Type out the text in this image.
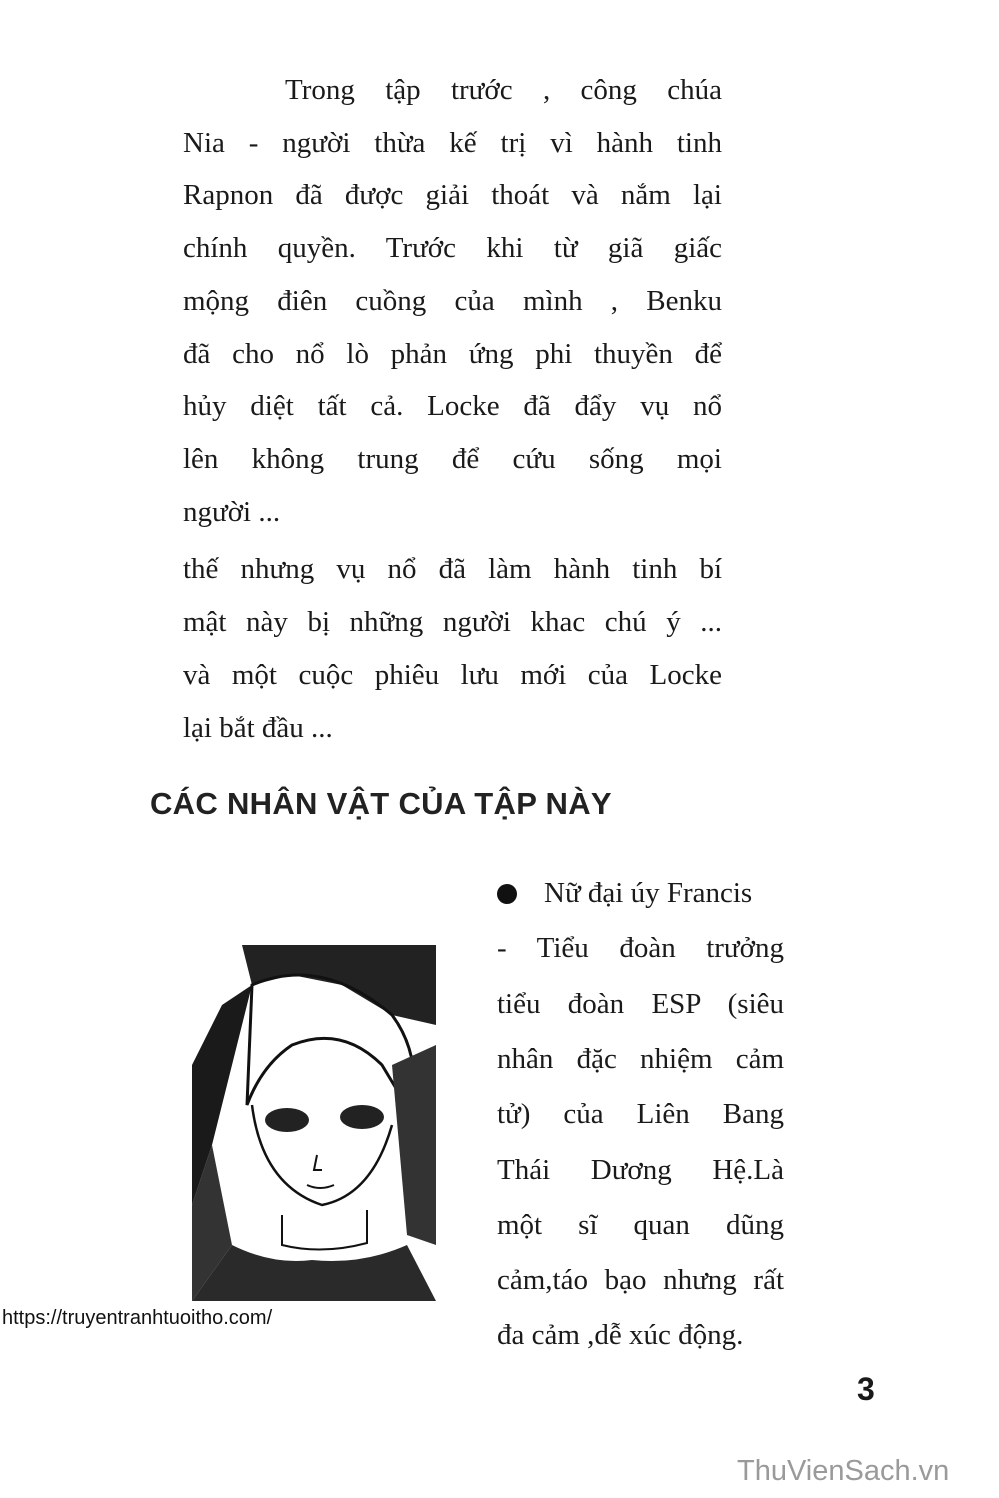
Trong tập trước , công chúa
Nia - người thừa kế trị vì hành tinh
Rapnon đã được giải thoát và nắm lại
chính quyền. Trước khi từ giã giấc
mộng điên cuồng của mình , Benku
đã cho nổ lò phản ứng phi thuyền để
hủy diệt tất cả. Locke đã đẩy vụ nổ
lên không trung để cứu sống mọi
người ...
thế nhưng vụ nổ đã làm hành tinh bí
mật này bị những người khac chú ý ...
và một cuộc phiêu lưu mới của Locke
lại bắt đầu ...
CÁC NHÂN VẬT CỦA TẬP NÀY
Nữ đại úy Francis
- Tiểu đoàn trưởng
tiểu đoàn ESP (siêu
nhân đặc nhiệm cảm
tử) của Liên Bang
Thái Dương Hệ.Là
một sĩ quan dũng
cảm,táo bạo nhưng rất
đa cảm ,dễ xúc động.
https://truyentranhtuoitho.com/
3
ThuVienSach.vn
